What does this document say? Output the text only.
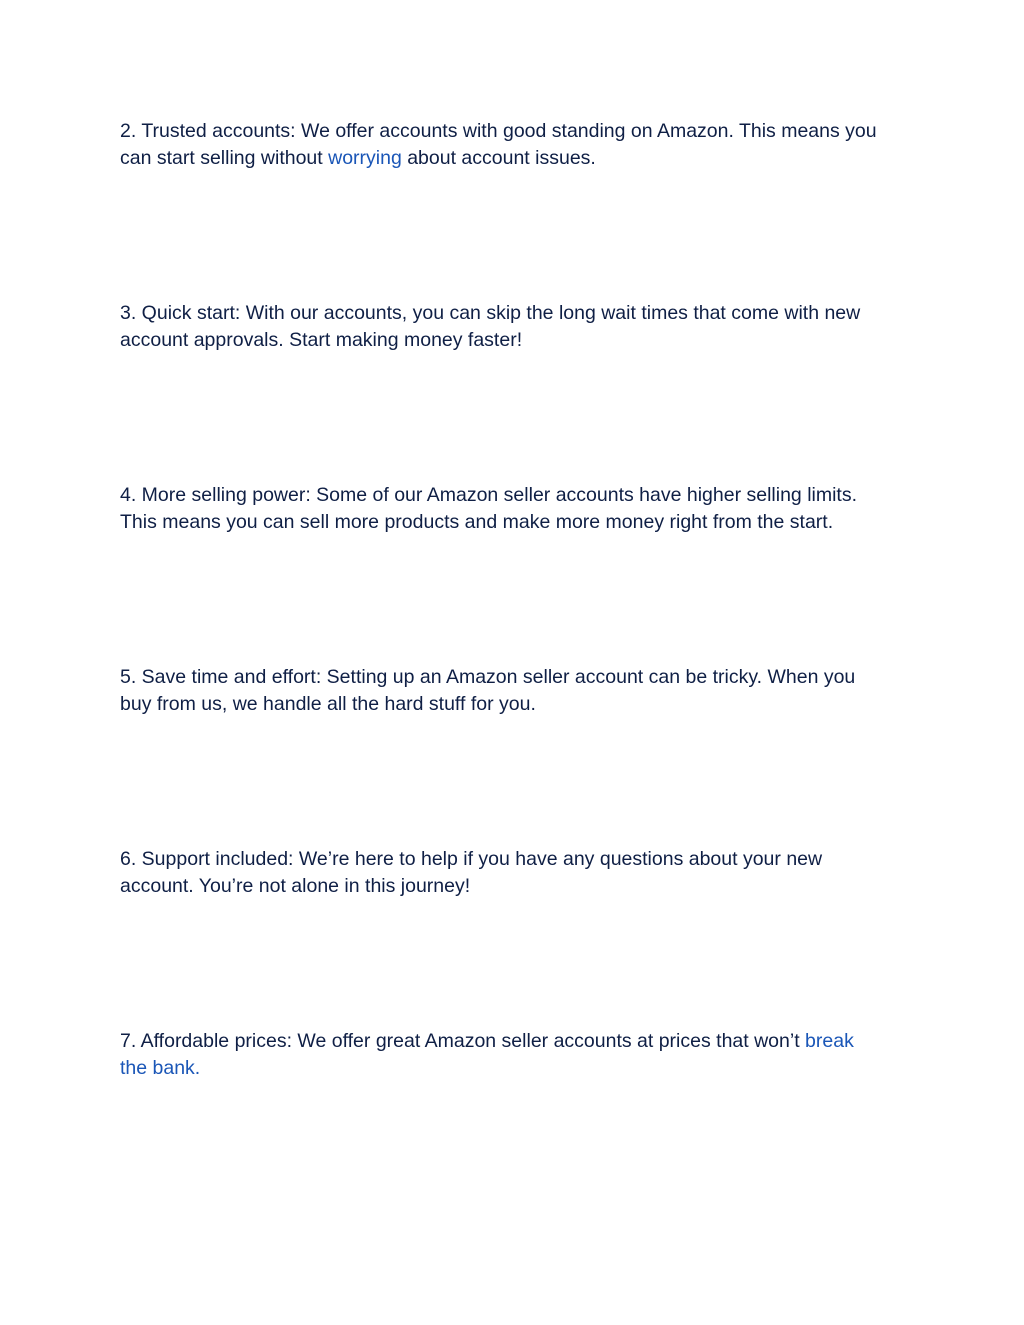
2. Trusted accounts: We offer accounts with good standing on Amazon. This means you
can start selling without worrying about account issues.

3. Quick start: With our accounts, you can skip the long wait times that come with new
account approvals. Start making money faster!

4. More selling power: Some of our Amazon seller accounts have higher selling limits.
This means you can sell more products and make more money right from the start.

5. Save time and effort: Setting up an Amazon seller account can be tricky. When you
buy from us, we handle all the hard stuff for you.

6. Support included: We’re here to help if you have any questions about your new
account. You’re not alone in this journey!

7. Affordable prices: We offer great Amazon seller accounts at prices that won’t break
the bank.
